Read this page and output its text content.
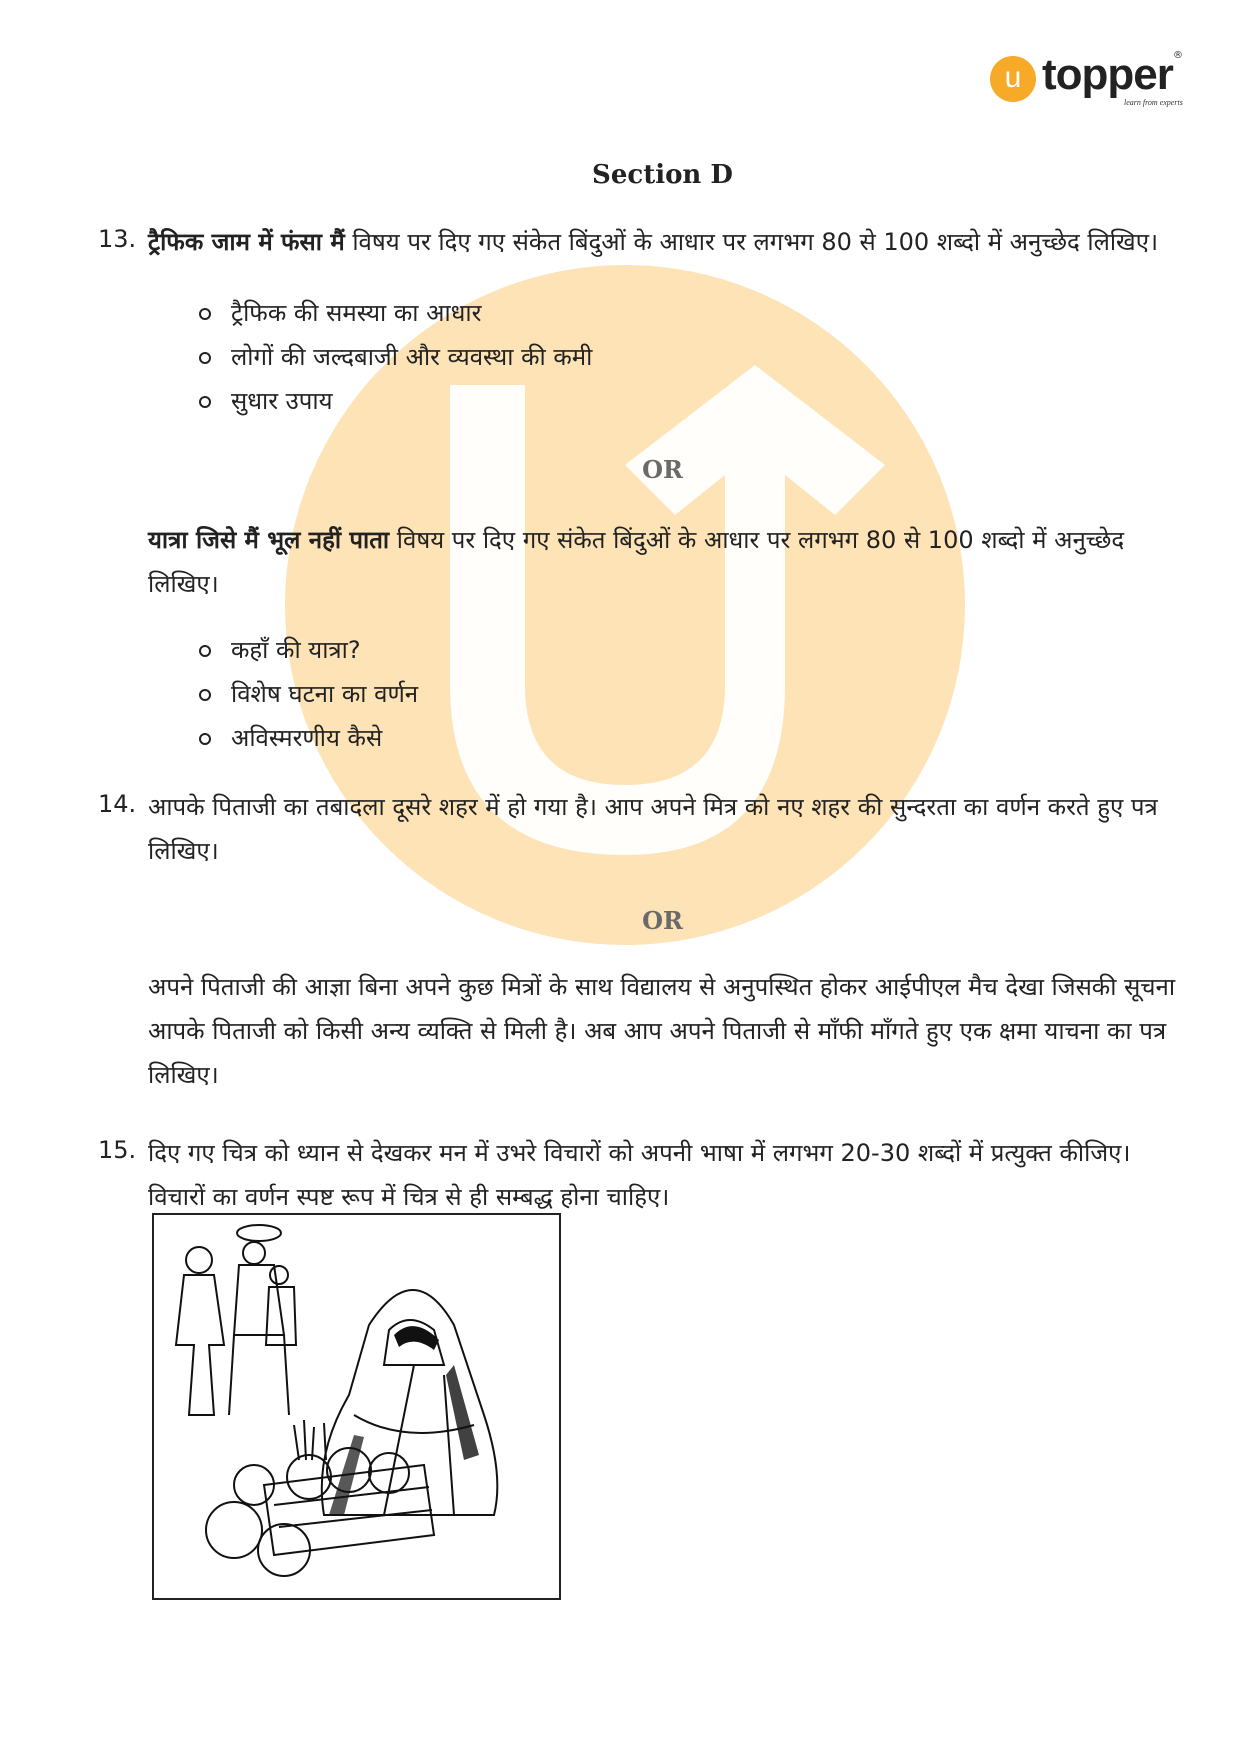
u topper
learn from experts
®
Section D
13. ट्रैफिक जाम में फंसा मैं विषय पर दिए गए संकेत बिंदुओं के आधार पर लगभग 80 से 100 शब्दो में अनुच्छेद लिखिए।
ट्रैफिक की समस्या का आधार
लोगों की जल्दबाजी और व्यवस्था की कमी
सुधार उपाय
OR
यात्रा जिसे मैं भूल नहीं पाता विषय पर दिए गए संकेत बिंदुओं के आधार पर लगभग 80 से 100 शब्दो में अनुच्छेद लिखिए।
कहाँ की यात्रा?
विशेष घटना का वर्णन
अविस्मरणीय कैसे
14. आपके पिताजी का तबादला दूसरे शहर में हो गया है। आप अपने मित्र को नए शहर की सुन्दरता का वर्णन करते हुए पत्र लिखिए।
OR
अपने पिताजी की आज्ञा बिना अपने कुछ मित्रों के साथ विद्यालय से अनुपस्थित होकर आईपीएल मैच देखा जिसकी सूचना आपके पिताजी को किसी अन्य व्यक्ति से मिली है। अब आप अपने पिताजी से माँफी माँगते हुए एक क्षमा याचना का पत्र लिखिए।
15. दिए गए चित्र को ध्यान से देखकर मन में उभरे विचारों को अपनी भाषा में लगभग 20-30 शब्दों में प्रत्युक्त कीजिए। विचारों का वर्णन स्पष्ट रूप में चित्र से ही सम्बद्ध होना चाहिए।
